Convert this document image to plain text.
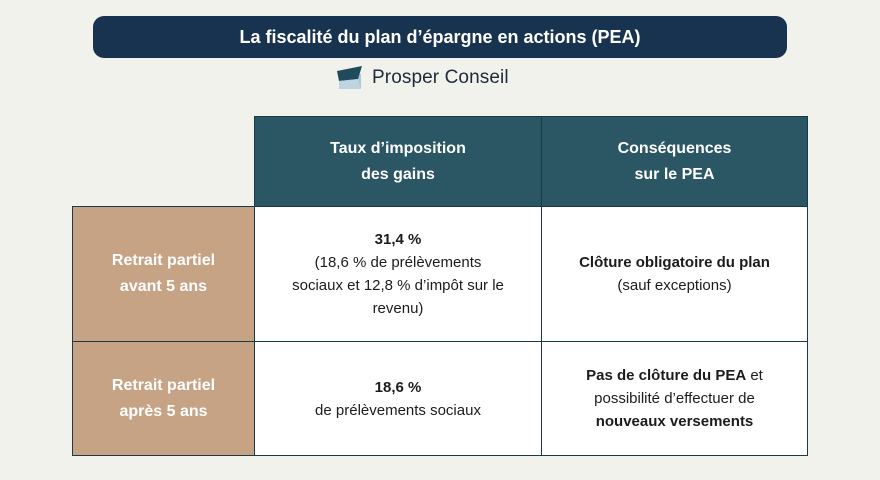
La fiscalité du plan d’épargne en actions (PEA)
Prosper Conseil
Taux d’imposition
des gains
Conséquences
sur le PEA
Retrait partiel
avant 5 ans
31,4 %
(18,6 % de prélèvements
sociaux et 12,8 % d’impôt sur le
revenu)
Clôture obligatoire du plan
(sauf exceptions)
Retrait partiel
après 5 ans
18,6 %
de prélèvements sociaux
Pas de clôture du PEA et
possibilité d’effectuer de
nouveaux versements
